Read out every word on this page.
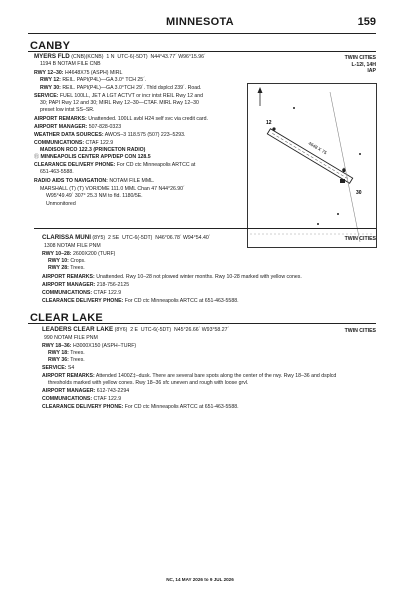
MINNESOTA	159
CANBY
MYERS FLD (CNB)(KCNB) 1 N UTC-6(-5DT) N44°43.77´ W96°15.96´
1194 B NOTAM FILE CNB
TWIN CITIES
L-12I, 14H
IAP
RWY 12–30: H4648X75 (ASPH) MIRL
RWY 12: REIL. PAPI(P4L)—GA 3.0° TCH 25´.
RWY 30: REIL. PAPI(P4L)—GA 3.0°TCH 29´. Thld dsplcd 239´. Road.
SERVICE: FUEL 100LL, JET A LGT ACTVT or incr intst REIL Rwy 12 and
30; PAPI Rwy 12 and 30; MIRL Rwy 12–30—CTAF. MIRL Rwy 12–30
preset low intst SS–SR.
AIRPORT REMARKS: Unattended. 100LL avbl H24 self svc via credit card.
AIRPORT MANAGER: 507-828-0323
WEATHER DATA SOURCES: AWOS–3 118.575 (507) 223–5293.
COMMUNICATIONS: CTAF 122.9
MADISON RCO 122.3 (PRINCETON RADIO)
Ⓡ MINNEAPOLIS CENTER APP/DEP CON 128.5
CLEARANCE DELIVERY PHONE: For CD ctc Minneapolis ARTCC at
651-463-5588.
RADIO AIDS TO NAVIGATION: NOTAM FILE MML.
MARSHALL (T) (T) VOR/DME 111.0 MML Chan 47 N44°26.90´
W95°49.49´ 307° 25.3 NM to fld. 1180/5E.
Unmonitored
12
30
4648 X 75
CLARISSA MUNI (8Y5) 2 SE UTC-6(-5DT) N46°06.78´ W94°54.40´	TWIN CITIES
1308 NOTAM FILE PNM
RWY 10–28: 2600X200 (TURF)
RWY 10: Crops.
RWY 28: Trees.
AIRPORT REMARKS: Unattended. Rwy 10–28 not plowed winter months. Rwy 10-28 marked with yellow cones.
AIRPORT MANAGER: 218-756-2125
COMMUNICATIONS: CTAF 122.9
CLEARANCE DELIVERY PHONE: For CD ctc Minneapolis ARTCC at 651-463-5588.
CLEAR LAKE
LEADERS CLEAR LAKE (8Y6) 2 E UTC-6(-5DT) N45°26.66´ W93°58.27´	TWIN CITIES
990 NOTAM FILE PNM
RWY 18–36: H3000X150 (ASPH–TURF)
RWY 18: Trees.
RWY 36: Trees.
SERVICE: S4
AIRPORT REMARKS: Attended 1400Z‡–dusk. There are several bare spots along the center of the rwy. Rwy 18–36 and dsplcd
thresholds marked with yellow cones. Rwy 18–36 sfc uneven and rough with loose grvl.
AIRPORT MANAGER: 612-743-2294
COMMUNICATIONS: CTAF 122.9
CLEARANCE DELIVERY PHONE: For CD ctc Minneapolis ARTCC at 651-463-5588.
NC, 14 MAY 2026 to 9 JUL 2026
